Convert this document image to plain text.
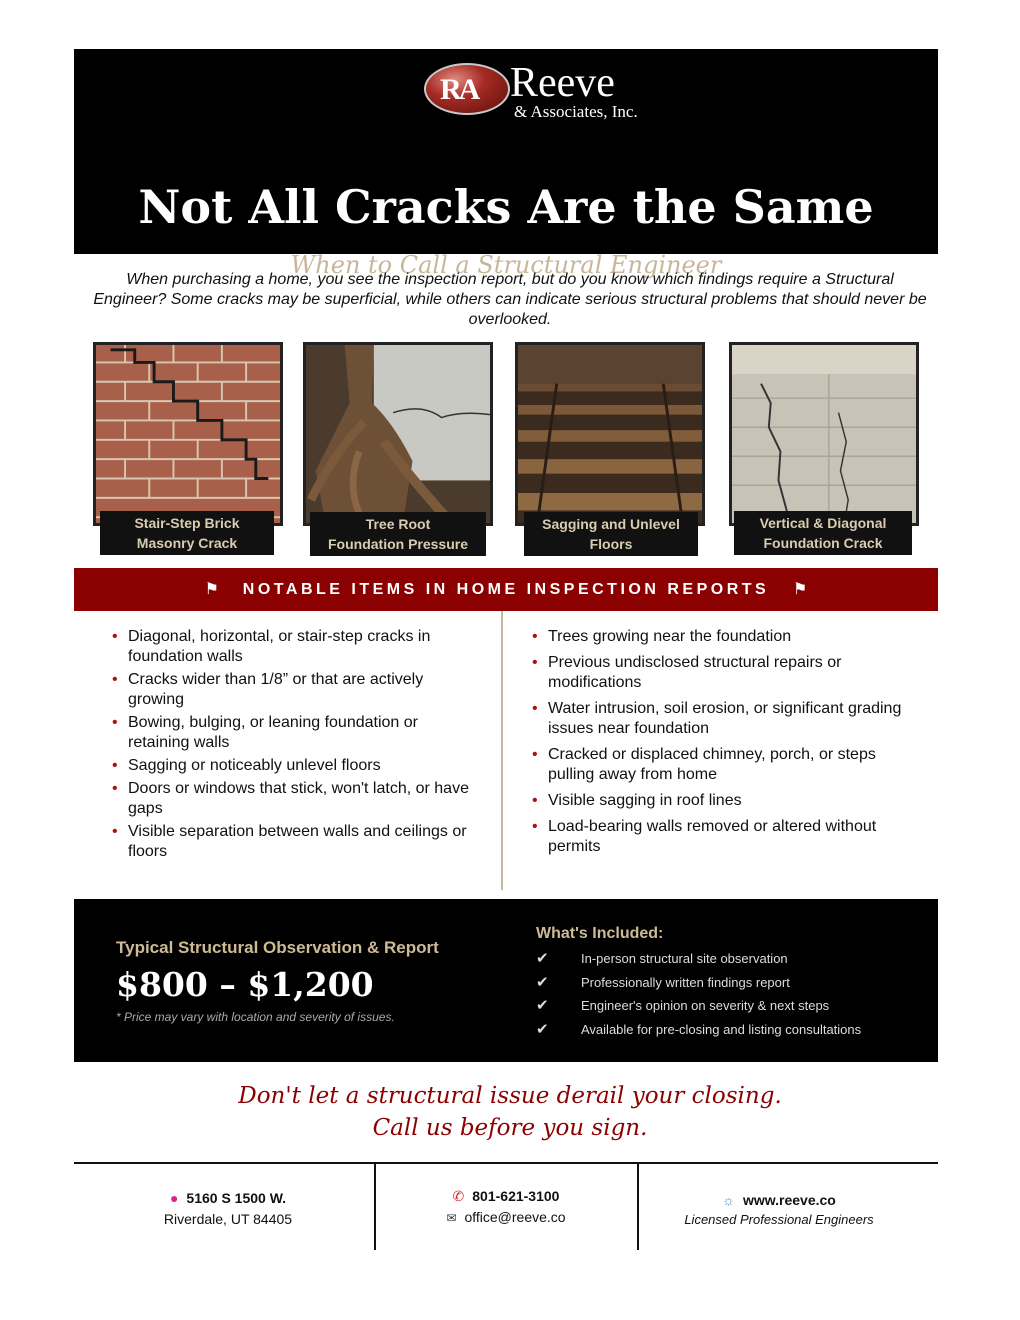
RA Reeve
& Associates, Inc.
Not All Cracks Are the Same
When to Call a Structural Engineer
When purchasing a home, you see the inspection report, but do you know which findings require a Structural Engineer? Some cracks may be superficial, while others can indicate serious structural problems that should never be overlooked.
Stair-Step Brick
Masonry Crack
Tree Root
Foundation Pressure
Sagging and Unlevel
Floors
Vertical & Diagonal
Foundation Crack
⚑ NOTABLE ITEMS IN HOME INSPECTION REPORTS ⚑
• Diagonal, horizontal, or stair-step cracks in foundation walls
• Cracks wider than 1/8” or that are actively growing
• Bowing, bulging, or leaning foundation or retaining walls
• Sagging or noticeably unlevel floors
• Doors or windows that stick, won't latch, or have gaps
• Visible separation between walls and ceilings or floors
• Trees growing near the foundation
• Previous undisclosed structural repairs or modifications
• Water intrusion, soil erosion, or significant grading issues near foundation
• Cracked or displaced chimney, porch, or steps pulling away from home
• Visible sagging in roof lines
• Load-bearing walls removed or altered without permits
Typical Structural Observation & Report
$800 – $1,200
* Price may vary with location and severity of issues.
What's Included:
✔ In-person structural site observation
✔ Professionally written findings report
✔ Engineer's opinion on severity & next steps
✔ Available for pre-closing and listing consultations
Don't let a structural issue derail your closing.
Call us before you sign.
● 5160 S 1500 W.
Riverdale, UT 84405
✆ 801-621-3100
✉ office@reeve.co
☼ www.reeve.co
Licensed Professional Engineers
